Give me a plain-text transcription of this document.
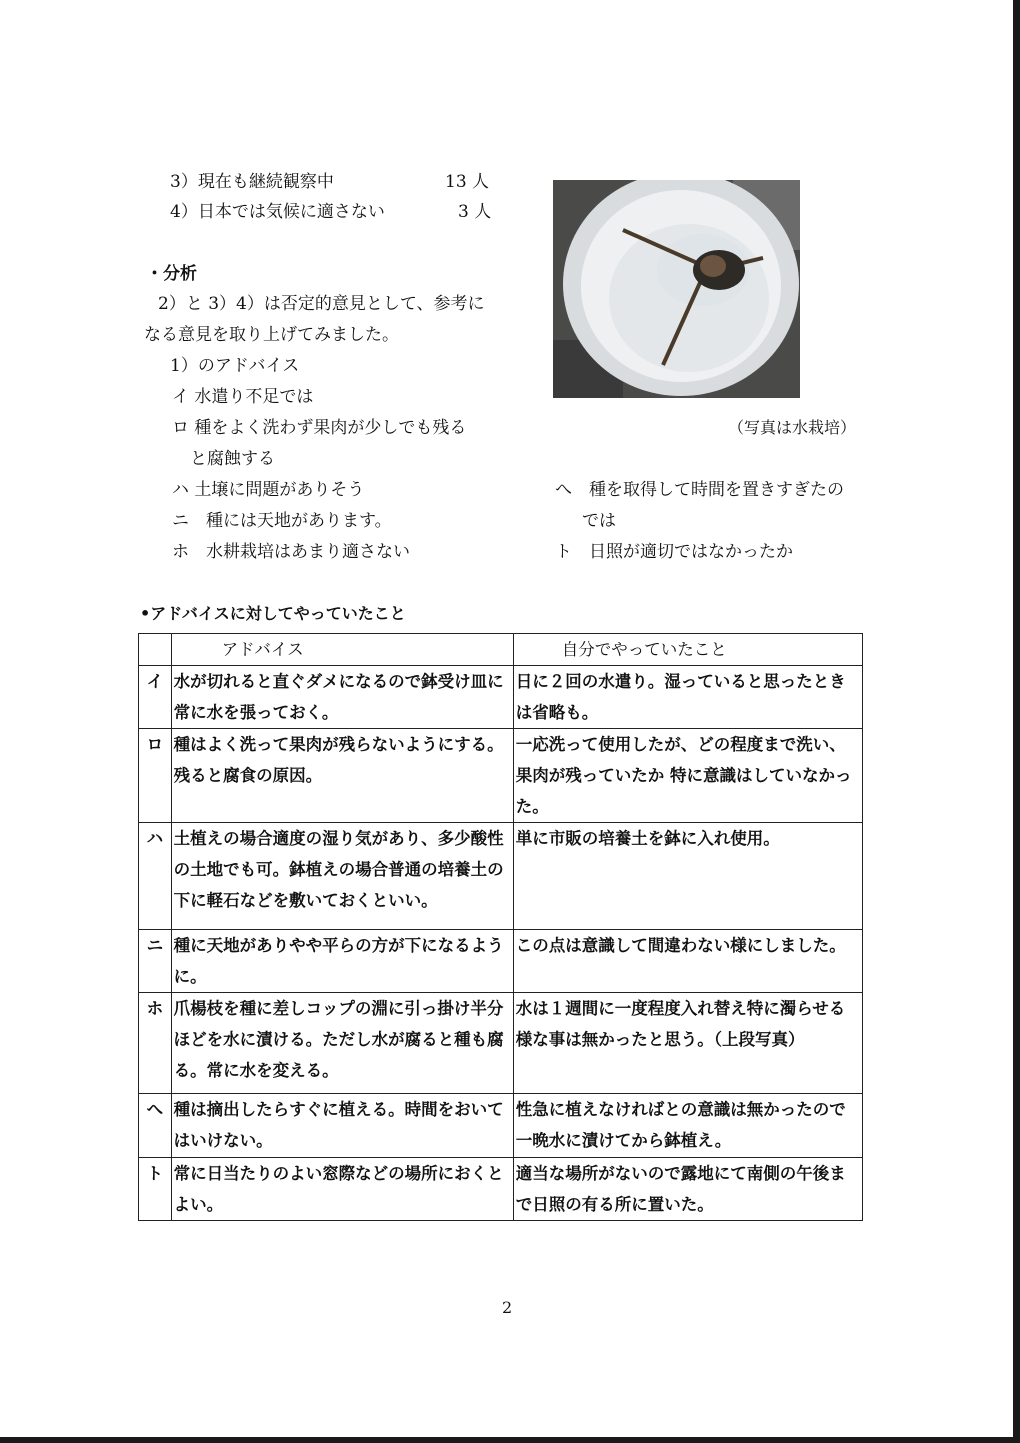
3）現在も継続観察中	13 人
4）日本では気候に適さない	3 人
・分析
2）と 3）4）は否定的意見として、参考に
なる意見を取り上げてみました。
1）のアドバイス
イ 水遣り不足では
ロ 種をよく洗わず果肉が少しでも残る
と腐蝕する
ハ 土壌に問題がありそう
ニ　種には天地があります。
ホ　水耕栽培はあまり適さない
へ　種を取得して時間を置きすぎたの
では
ト　日照が適切ではなかったか
（写真は水栽培）
•アドバイスに対してやっていたこと
	アドバイス	自分でやっていたこと
イ	水が切れると直ぐダメになるので鉢受け皿に常に水を張っておく。	日に２回の水遣り。湿っていると思ったときは省略も。
ロ	種はよく洗って果肉が残らないようにする。残ると腐食の原因。	一応洗って使用したが、どの程度まで洗い、果肉が残っていたか 特に意識はしていなかった。
ハ	土植えの場合適度の湿り気があり、多少酸性の土地でも可。鉢植えの場合普通の培養土の下に軽石などを敷いておくといい。	単に市販の培養土を鉢に入れ使用。
ニ	種に天地がありやや平らの方が下になるように。	この点は意識して間違わない様にしました。
ホ	爪楊枝を種に差しコップの淵に引っ掛け半分ほどを水に漬ける。ただし水が腐ると種も腐る。常に水を変える。	水は１週間に一度程度入れ替え特に濁らせる様な事は無かったと思う。（上段写真）
へ	種は摘出したらすぐに植える。時間をおいてはいけない。	性急に植えなければとの意識は無かったので一晩水に漬けてから鉢植え。
ト	常に日当たりのよい窓際などの場所におくとよい。	適当な場所がないので露地にて南側の午後まで日照の有る所に置いた。
2
